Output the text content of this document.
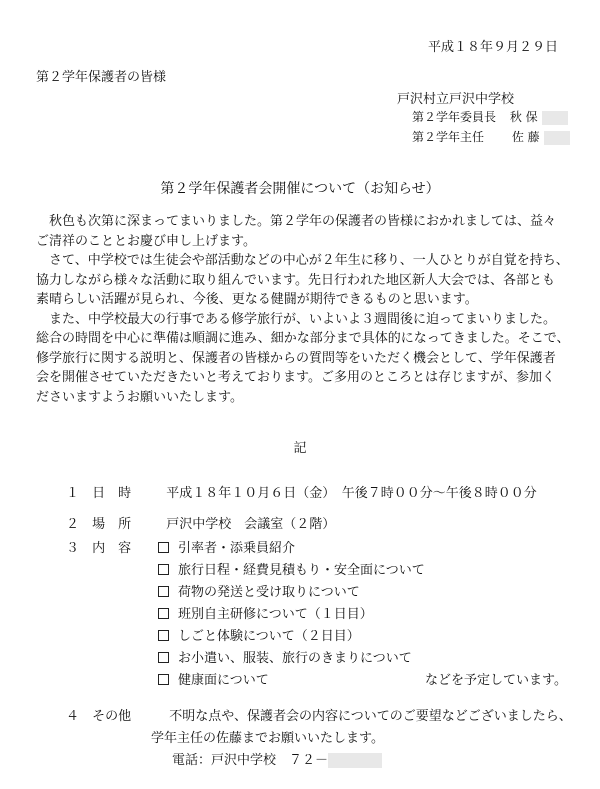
平成１８年９月２９日
第２学年保護者の皆様
戸沢村立戸沢中学校
第２学年委員長 秋 保
第２学年主任 佐 藤
第２学年保護者会開催について（お知らせ）

　秋色も次第に深まってまいりました。第２学年の保護者の皆様におかれましては、益々

ご清祥のこととお慶び申し上げます。

　さて、中学校では生徒会や部活動などの中心が２年生に移り、一人ひとりが自覚を持ち、

協力しながら様々な活動に取り組んでいます。先日行われた地区新人大会では、各部とも

素晴らしい活躍が見られ、今後、更なる健闘が期待できるものと思います。

　また、中学校最大の行事である修学旅行が、いよいよ３週間後に迫ってまいりました。

総合の時間を中心に準備は順調に進み、細かな部分まで具体的になってきました。そこで、

修学旅行に関する説明と、保護者の皆様からの質問等をいただく機会として、学年保護者

会を開催させていただきたいと考えております。ご多用のところとは存じますが、参加く

ださいますようお願いいたします。

記
１ 日　時	平成１８年１０月６日（金）　午後７時００分～午後８時００分
２ 場　所	戸沢中学校　会議室（２階）
３ 内　容	引率者・添乗員紹介
旅行日程・経費見積もり・安全面について
荷物の発送と受け取りについて
班別自主研修について（１日目）
しごと体験について（２日目）
お小遣い、服装、旅行のきまりについて
健康面について	などを予定しています。
４ その他	不明な点や、保護者会の内容についてのご要望などございましたら、
学年主任の佐藤までお願いいたします。
電話：戸沢中学校　７２－
